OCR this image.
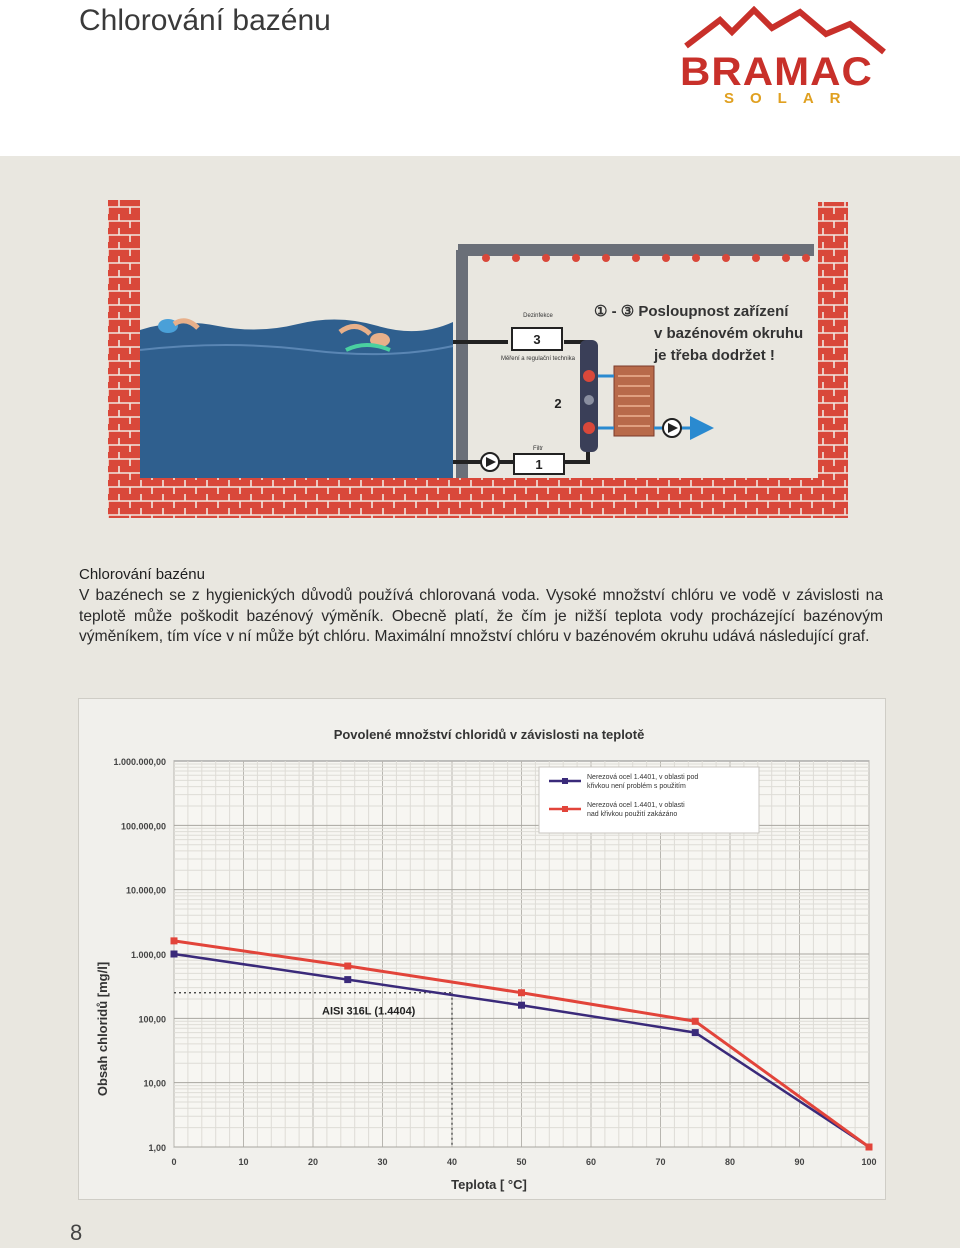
Chlorování bazénu
BRAMAC
SOLAR
Dezinfekce
3
Měření a regulační technika
2
Filtr
1
① - ③ Posloupnost zařízení
v bazénovém okruhu
je třeba dodržet !
Chlorování bazénu
V bazénech se z hygienických důvodů používá chlorovaná voda. Vysoké množství chlóru ve vodě v závislosti na teplotě může poškodit bazénový výměník. Obecně platí, že čím je nižší teplota vody procházející bazénovým výměníkem, tím více v ní může být chlóru. Maximální množství chlóru v bazénovém okruhu udává následující graf.
Povolené množství chloridů v závislosti na teplotě
Teplota [ °C]
Obsah chloridů [mg/l]
1.000.000,00
100.000,00
10.000,00
1.000,00
100,00
10,00
1,00
0	10	20	30	40	50	60	70	80	90	100
AISI 316L (1.4404)
Nerezová ocel 1.4401, v oblasti pod křivkou není problém s použitím
Nerezová ocel 1.4401, v oblasti nad křivkou použití zakázáno
8
